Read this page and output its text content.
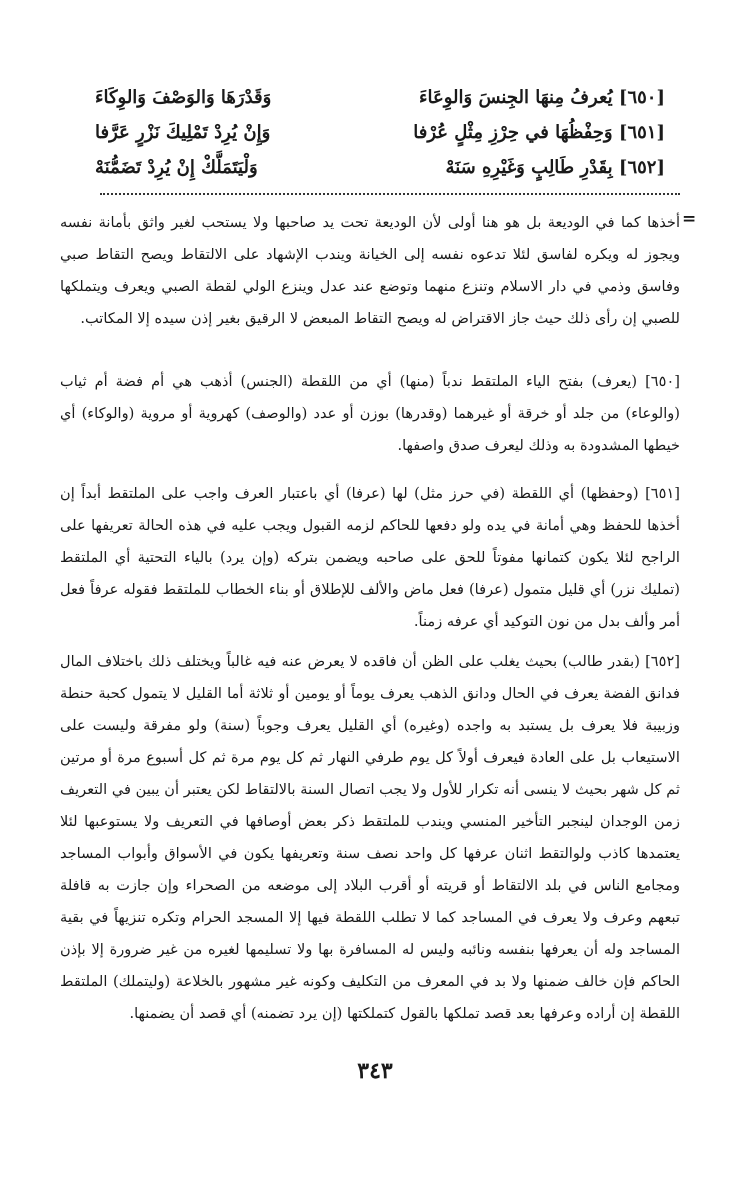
[٦٥٠] يُعرفُ مِنهَا الجِنسَ وَالوِعَاءَ
وَقَدْرَهَا وَالوَصْفَ وَالوِكَاءَ
[٦٥١] وَحِفْظُهَا في حِرْزِ مِثْلٍ عُرْفا
وَإِنْ يُرِدْ تَمْلِيكَ نَزْرٍ عَرَّفا
[٦٥٢] بِقَدْرِ طَالِبٍ وَغَيْرِهِ سَنَهْ
وَلْيَتَمَلَّكْ إِنْ يُرِدْ تَضَمُّنَهْ
=

أخذها كما في الوديعة بل هو هنا أولى لأن الوديعة تحت يد صاحبها ولا يستحب لغير واثق بأمانة نفسه ويجوز له ويكره لفاسق لئلا تدعوه نفسه إلى الخيانة ويندب الإشهاد على الالتقاط ويصح التقاط صبي وفاسق وذمي في دار الاسلام وتنزع منهما وتوضع عند عدل وينزع الولي لقطة الصبي ويعرف ويتملكها للصبي إن رأى ذلك حيث جاز الاقتراض له ويصح التقاط المبعض لا الرقيق بغير إذن سيده إلا المكاتب.

[٦٥٠] (يعرف) بفتح الياء الملتقط ندباً (منها) أي من اللقطة (الجنس) أذهب هي أم فضة أم ثياب (والوعاء) من جلد أو خرقة أو غيرهما (وقدرها) بوزن أو عدد (والوصف) كهروية أو مروية (والوكاء) أي خيطها المشدودة به وذلك ليعرف صدق واصفها.

[٦٥١] (وحفظها) أي اللقطة (في حرز مثل) لها (عرفا) أي باعتبار العرف واجب على الملتقط أبداً إن أخذها للحفظ وهي أمانة في يده ولو دفعها للحاكم لزمه القبول ويجب عليه في هذه الحالة تعريفها على الراجح لئلا يكون كتمانها مفوتاً للحق على صاحبه ويضمن بتركه (وإن يرد) بالياء التحتية أي الملتقط (تمليك نزر) أي قليل متمول (عرفا) فعل ماض والألف للإطلاق أو بناء الخطاب للملتقط فقوله عرفاً فعل أمر وألف بدل من نون التوكيد أي عرفه زمناً.

[٦٥٢] (بقدر طالب) بحيث يغلب على الظن أن فاقده لا يعرض عنه فيه غالباً ويختلف ذلك باختلاف المال فدانق الفضة يعرف في الحال ودانق الذهب يعرف يوماً أو يومين أو ثلاثة أما القليل لا يتمول كحبة حنطة وزبيبة فلا يعرف بل يستبد به واجده (وغيره) أي القليل يعرف وجوباً (سنة) ولو مفرقة وليست على الاستيعاب بل على العادة فيعرف أولاً كل يوم طرفي النهار ثم كل يوم مرة ثم كل أسبوع مرة أو مرتين ثم كل شهر بحيث لا ينسى أنه تكرار للأول ولا يجب اتصال السنة بالالتقاط لكن يعتبر أن يبين في التعريف زمن الوجدان لينجبر التأخير المنسي ويندب للملتقط ذكر بعض أوصافها في التعريف ولا يستوعبها لئلا يعتمدها كاذب ولوالتقط اثنان عرفها كل واحد نصف سنة وتعريفها يكون في الأسواق وأبواب المساجد ومجامع الناس في بلد الالتقاط أو قريته أو أقرب البلاد إلى موضعه من الصحراء وإن جازت به قافلة تبعهم وعرف ولا يعرف في المساجد كما لا تطلب اللقطة فيها إلا المسجد الحرام وتكره تنزيهاً في بقية المساجد وله أن يعرفها بنفسه ونائبه وليس له المسافرة بها ولا تسليمها لغيره من غير ضرورة إلا بإذن الحاكم فإن خالف ضمنها ولا بد في المعرف من التكليف وكونه غير مشهور بالخلاعة (وليتملك) الملتقط اللقطة إن أراده وعرفها بعد قصد تملكها بالقول كتملكتها (إن يرد تضمنه) أي قصد أن يضمنها.

٣٤٣
